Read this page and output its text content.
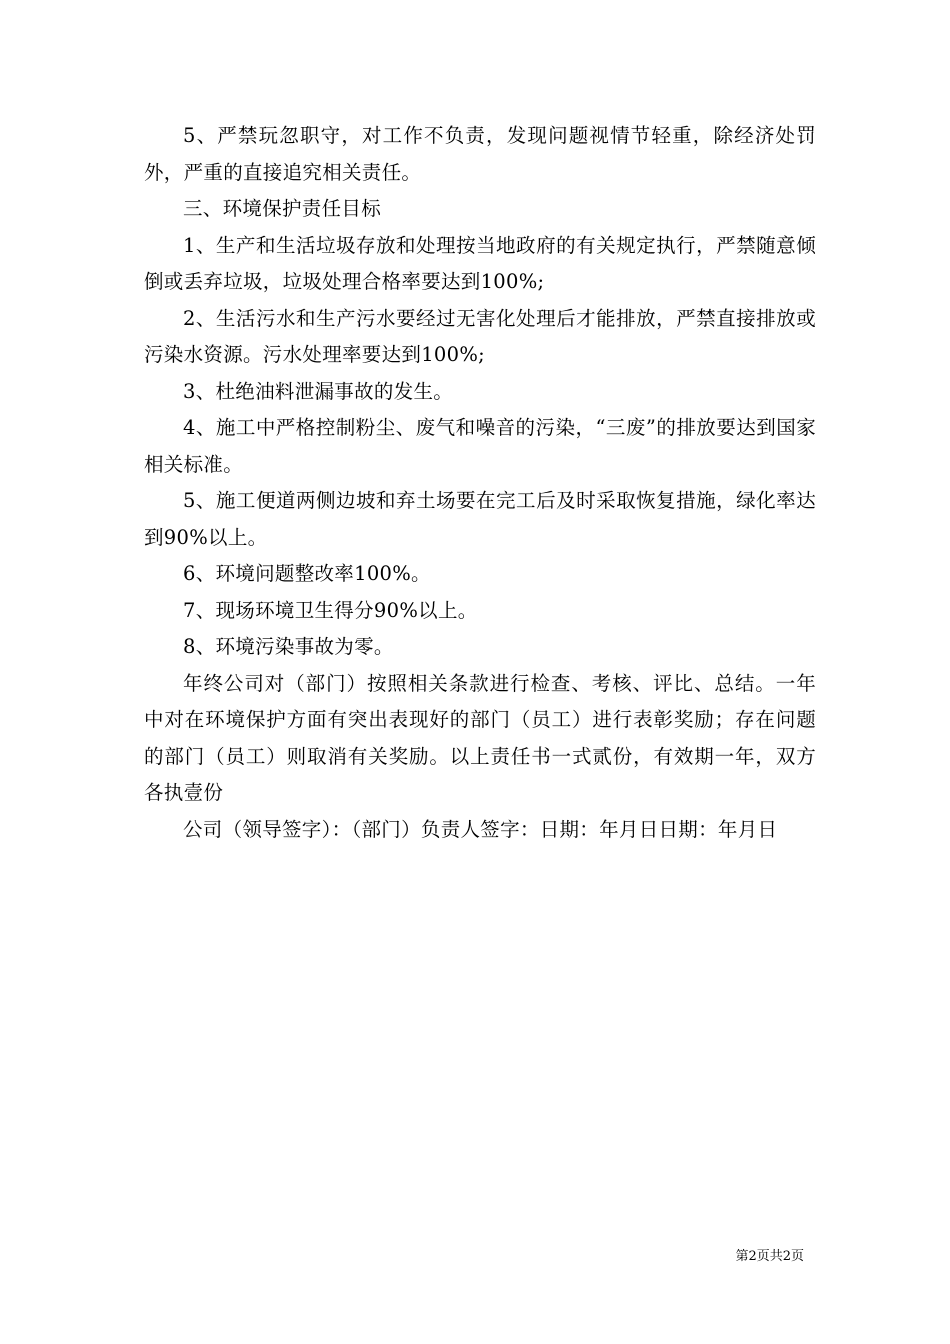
5、严禁玩忽职守，对工作不负责，发现问题视情节轻重，除经济处罚外，严重的直接追究相关责任。

三、环境保护责任目标

1、生产和生活垃圾存放和处理按当地政府的有关规定执行，严禁随意倾倒或丢弃垃圾，垃圾处理合格率要达到100%;

2、生活污水和生产污水要经过无害化处理后才能排放，严禁直接排放或污染水资源。污水处理率要达到100%;

3、杜绝油料泄漏事故的发生。

4、施工中严格控制粉尘、废气和噪音的污染，“三废”的排放要达到国家相关标准。

5、施工便道两侧边坡和弃土场要在完工后及时采取恢复措施，绿化率达到90%以上。

6、环境问题整改率100%。

7、现场环境卫生得分90%以上。

8、环境污染事故为零。

年终公司对（部门）按照相关条款进行检查、考核、评比、总结。一年中对在环境保护方面有突出表现好的部门（员工）进行表彰奖励；存在问题的部门（员工）则取消有关奖励。以上责任书一式贰份，有效期一年，双方各执壹份

公司（领导签字）：（部门）负责人签字：日期：年月日日期：年月日

第2页共2页
